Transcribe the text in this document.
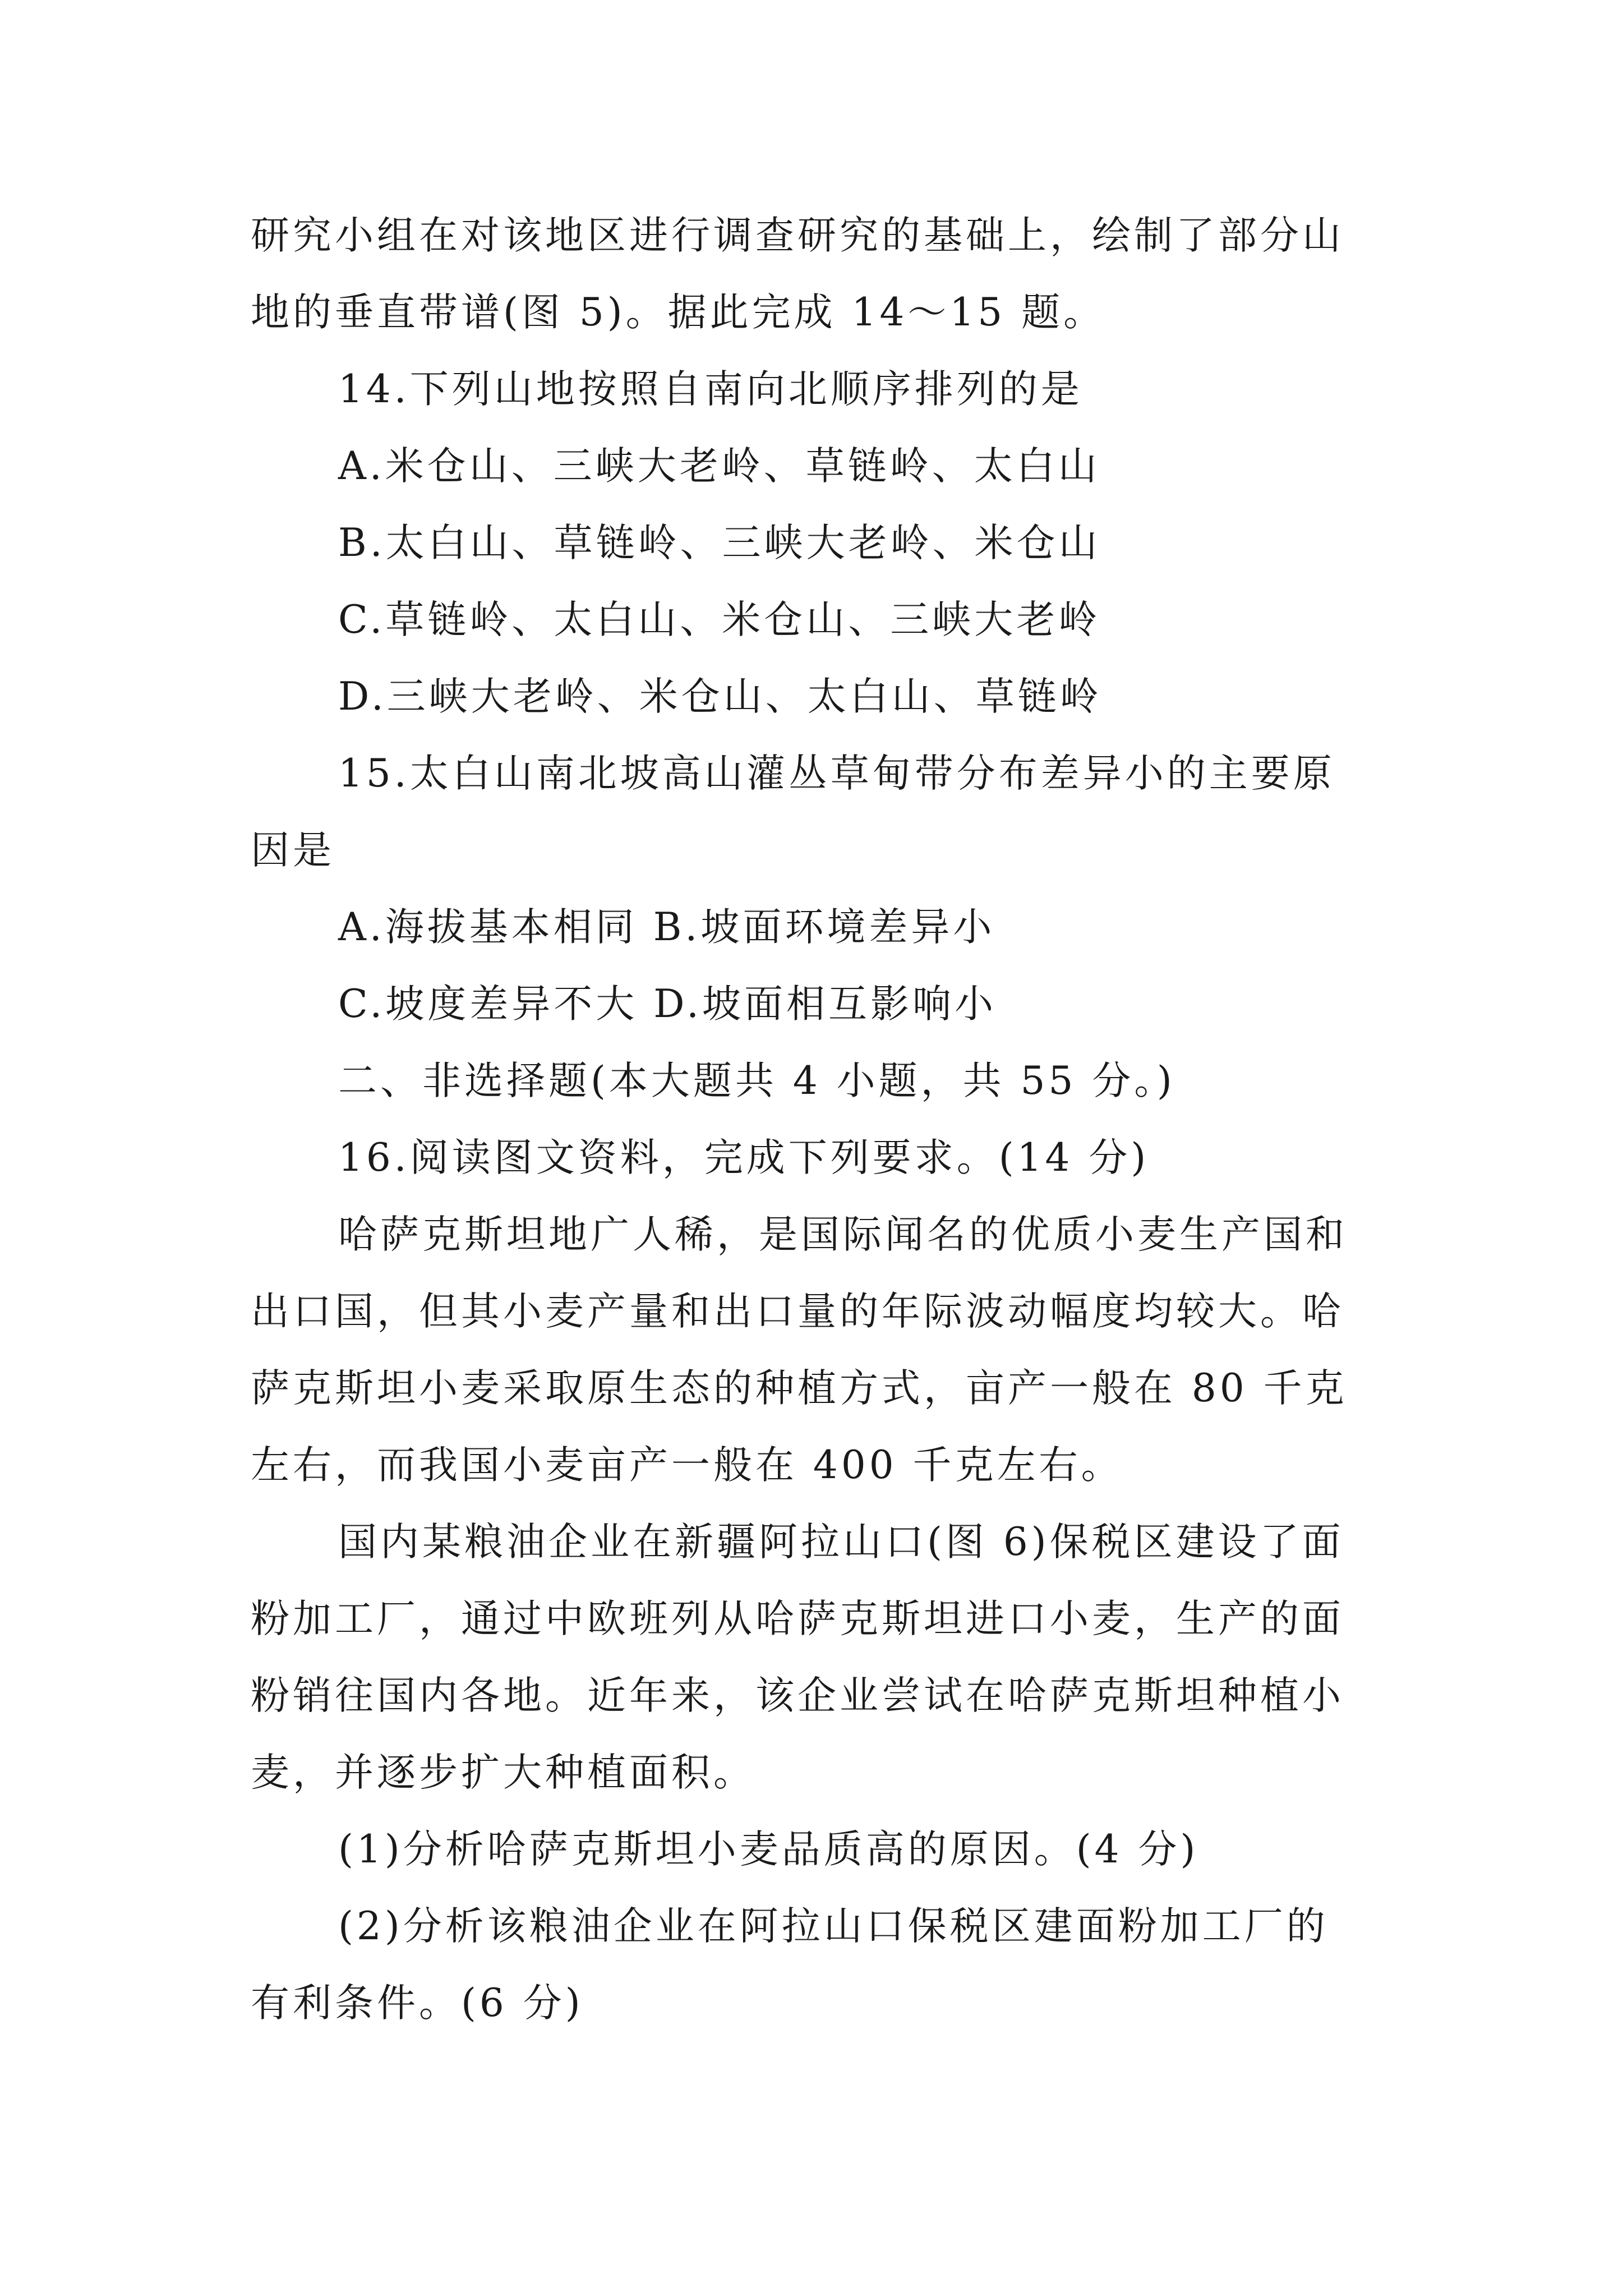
研究小组在对该地区进行调查研究的基础上，绘制了部分山
地的垂直带谱(图 5)。据此完成 14～15 题。
14.下列山地按照自南向北顺序排列的是
A.米仓山、三峡大老岭、草链岭、太白山
B.太白山、草链岭、三峡大老岭、米仓山
C.草链岭、太白山、米仓山、三峡大老岭
D.三峡大老岭、米仓山、太白山、草链岭
15.太白山南北坡高山灌丛草甸带分布差异小的主要原
因是
A.海拔基本相同 B.坡面环境差异小
C.坡度差异不大 D.坡面相互影响小
二、非选择题(本大题共 4 小题，共 55 分。)
16.阅读图文资料，完成下列要求。(14 分)
哈萨克斯坦地广人稀，是国际闻名的优质小麦生产国和
出口国，但其小麦产量和出口量的年际波动幅度均较大。哈
萨克斯坦小麦采取原生态的种植方式，亩产一般在 80 千克
左右，而我国小麦亩产一般在 400 千克左右。
国内某粮油企业在新疆阿拉山口(图 6)保税区建设了面
粉加工厂，通过中欧班列从哈萨克斯坦进口小麦，生产的面
粉销往国内各地。近年来，该企业尝试在哈萨克斯坦种植小
麦，并逐步扩大种植面积。
(1)分析哈萨克斯坦小麦品质高的原因。(4 分)
(2)分析该粮油企业在阿拉山口保税区建面粉加工厂的
有利条件。(6 分)
